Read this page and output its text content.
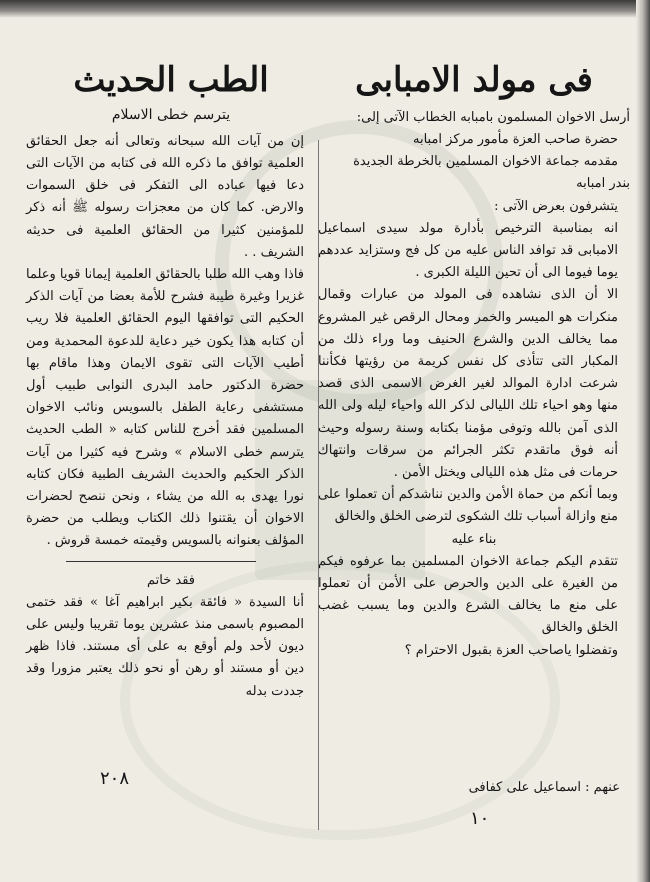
فى مولد الامبابى

أرسل الاخوان المسلمون بامبابه الخطاب الآتى إلى:

حضرة صاحب العزة مأمور مركز امبابه

مقدمه جماعة الاخوان المسلمين بالخرطة الجديدة

بندر امبابه

يتشرفون بعرض الآتى :

انه بمناسبة الترخيص بأدارة مولد سيدى اسماعيل الامبابى قد توافد الناس عليه من كل فج وستزايد عددهم يوما فيوما الى أن تحين الليلة الكبرى .

الا أن الذى نشاهده فى المولد من عبارات وقمال منكرات هو الميسر والخمر ومحال الرقص غير المشروع مما يخالف الدين والشرع الحنيف وما وراء ذلك من المكبار التى تتأذى كل نفس كريمة من رؤيتها فكأننا شرعت ادارة الموالد لغير الغرض الاسمى الذى قصد منها وهو احياء تلك الليالى لذكر الله واحياء ليله ولى الله الذى آمن بالله وتوفى مؤمنا بكتابه وسنة رسوله وحيث أنه فوق ماتقدم تكثر الجرائم من سرقات وانتهاك حرمات فى مثل هذه الليالى ويختل الأمن .

وبما أنكم من حماة الأمن والدين نناشدكم أن تعملوا على منع وازالة أسباب تلك الشكوى لترضى الخلق والخالق

بناء عليه

تتقدم اليكم جماعة الاخوان المسلمين بما عرفوه فيكم من الغيرة على الدين والحرص على الأمن أن تعملوا على منع ما يخالف الشرع والدين وما يسبب غضب الخلق والخالق

وتفضلوا ياصاحب العزة بقبول الاحترام ؟

عنهم : اسماعيل على كفافى
١٠
الطب الحديث
يترسم خطى الاسلام

إن من آيات الله سبحانه وتعالى أنه جعل الحقائق العلمية توافق ما ذكره الله فى كتابه من الآيات التى دعا فيها عباده الى التفكر فى خلق السموات والارض. كما كان من معجزات رسوله ﷺ أنه ذكر للمؤمنين كثيرا من الحقائق العلمية فى حديثه الشريف . .

فاذا وهب الله طلبا بالحقائق العلمية إيمانا قويا وعلما غزيرا وغيرة طيبة فشرح للأمة بعضا من آيات الذكر الحكيم التى توافقها اليوم الحقائق العلمية فلا ريب أن كتابه هذا يكون خير دعاية للدعوة المحمدية ومن أطيب الآيات التى تقوى الايمان وهذا ماقام بها حضرة الدكتور حامد البدرى النوابى طبيب أول مستشفى رعاية الطفل بالسويس ونائب الاخوان المسلمين فقد أخرج للناس كتابه « الطب الحديث يترسم خطى الاسلام » وشرح فيه كثيرا من آيات الذكر الحكيم والحديث الشريف الطبية فكان كتابه نورا يهدى به الله من يشاء ، ونحن ننصح لحضرات الاخوان أن يقتنوا ذلك الكتاب ويطلب من حضرة المؤلف بعنوانه بالسويس وقيمته خمسة قروش .

فقد خاتم

أنا السيدة « فائقة بكير ابراهيم آغا » فقد ختمى المصبوم باسمى منذ عشرين يوما تقريبا وليس على ديون لأحد ولم أوقع به على أى مستند. فاذا ظهر دين أو مستند أو رهن أو نحو ذلك يعتبر مزورا وقد جددت بدله

٢٠٨
